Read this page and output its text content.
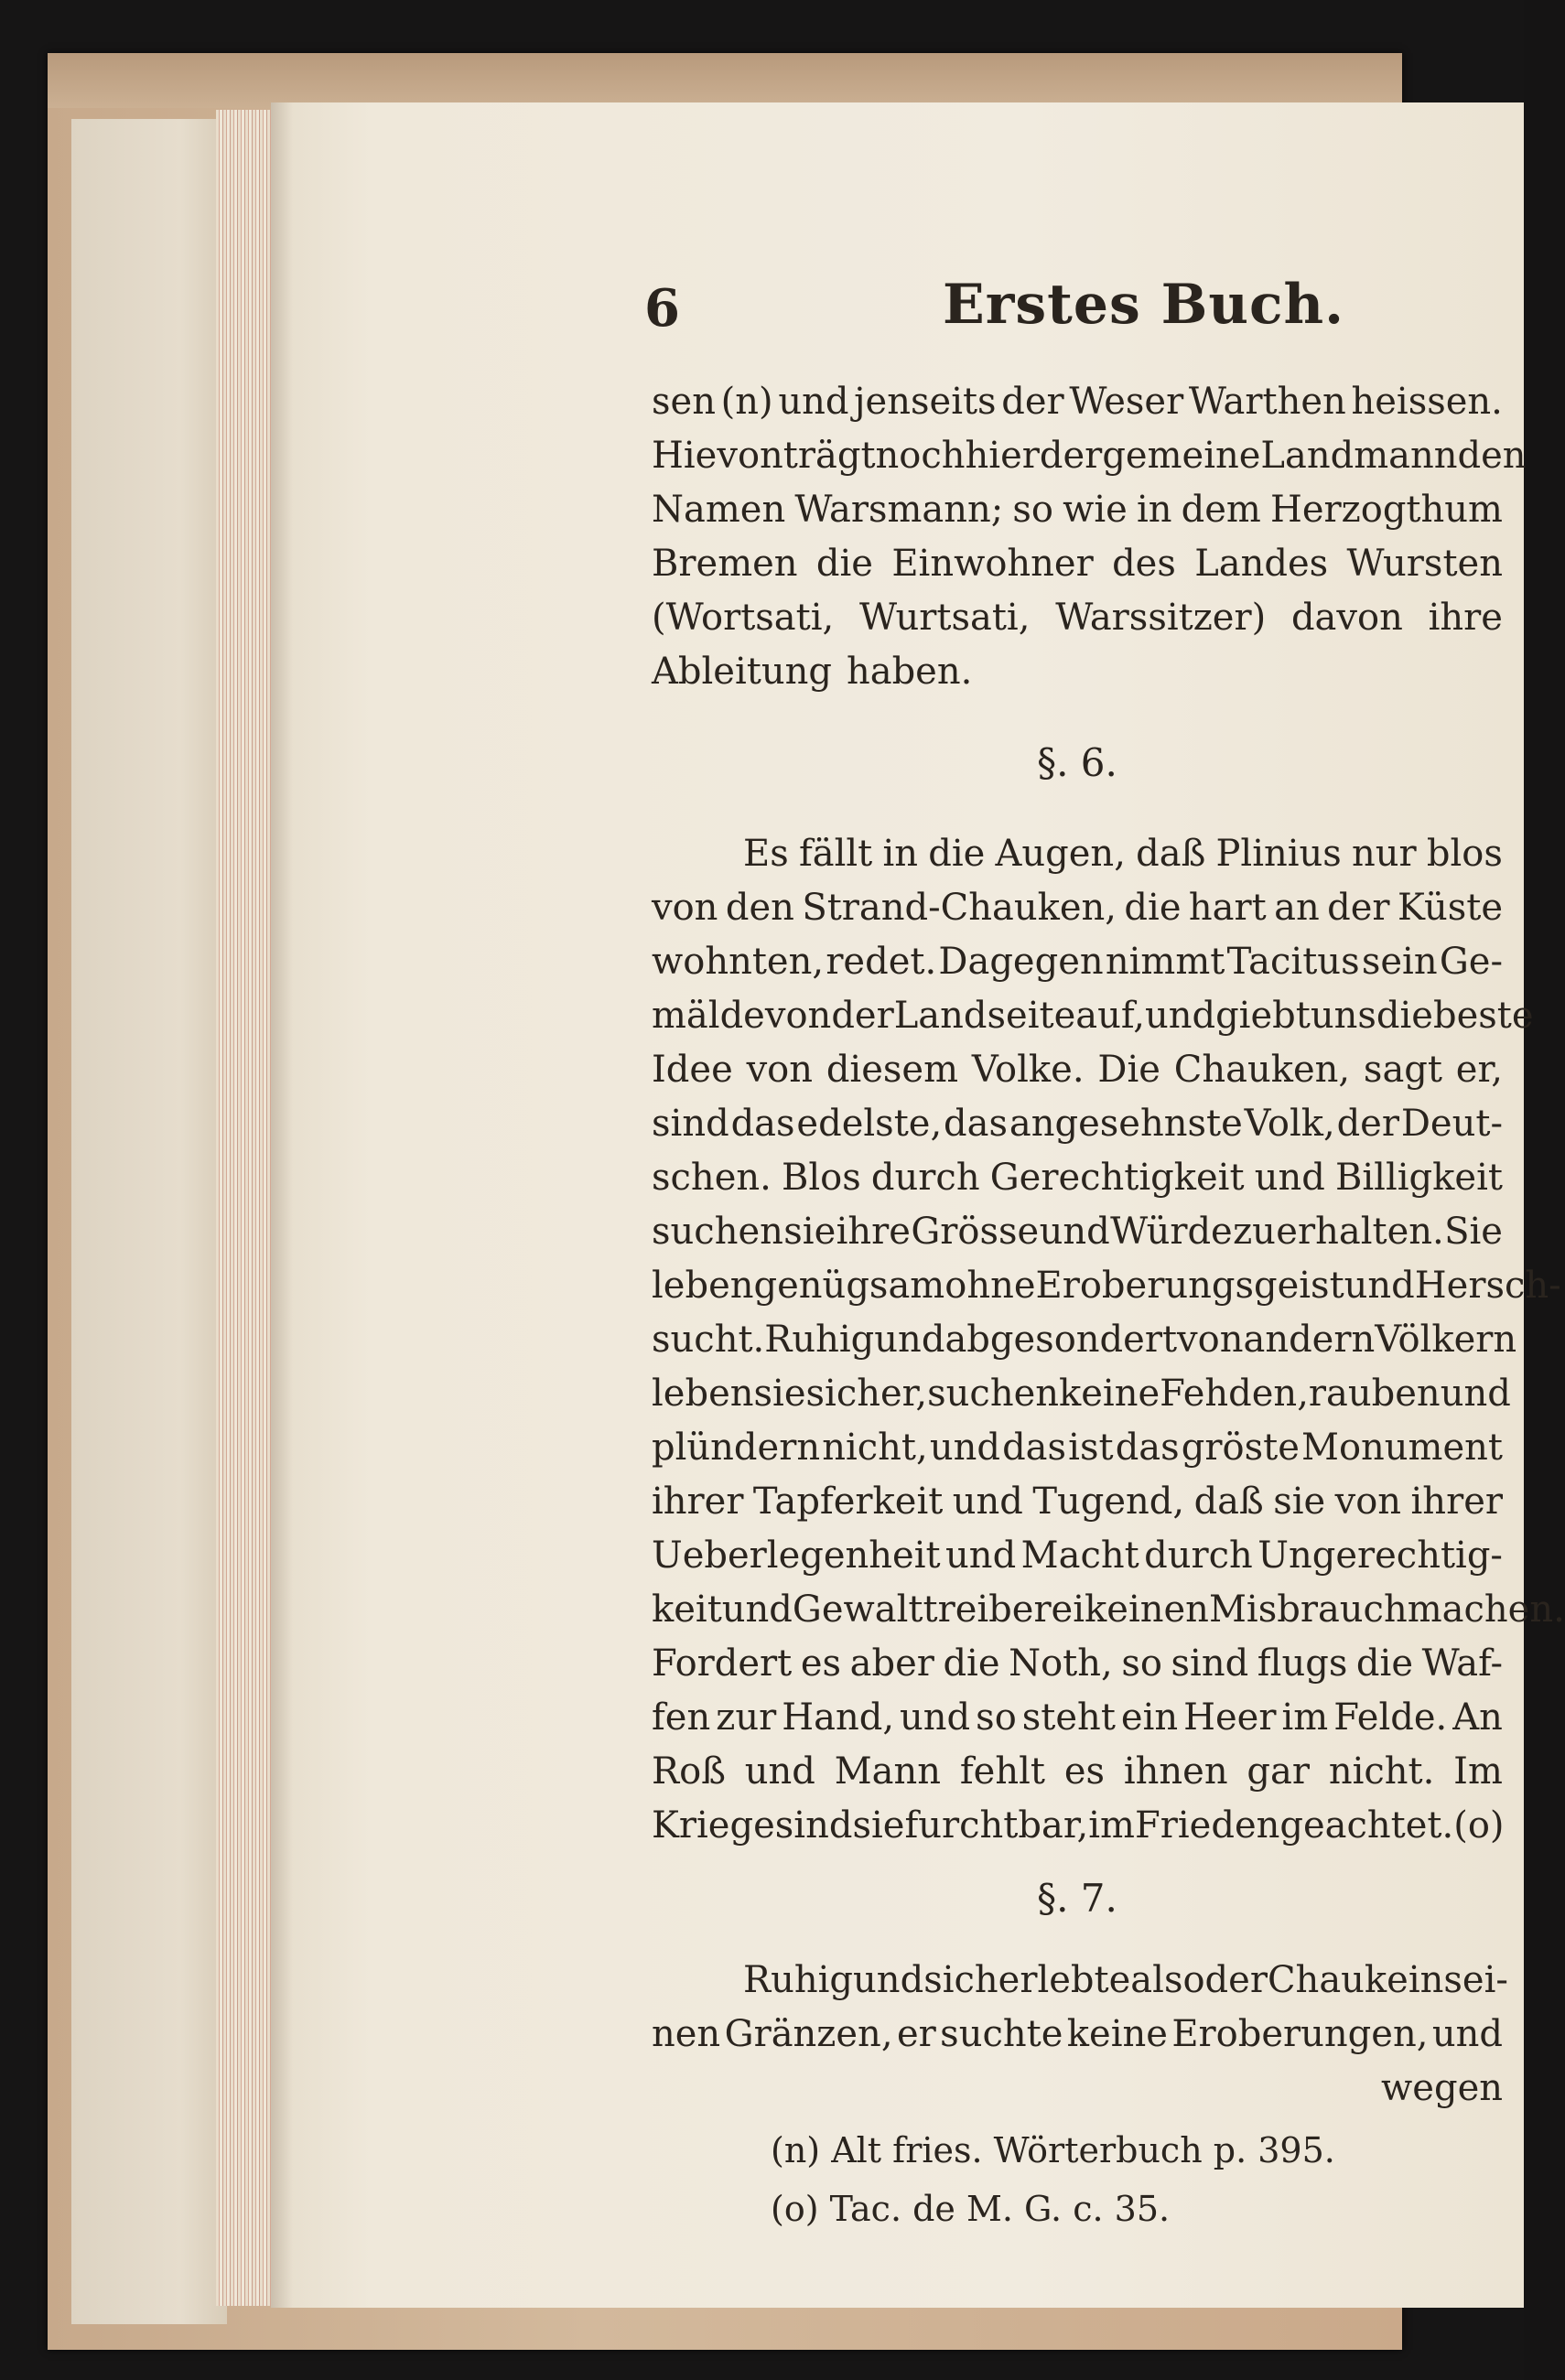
6	Erstes Buch.
sen (n) und jenseits der Weser Warthen heissen.
Hievon trägt noch hier der gemeine Landmann den
Namen Warsmann; so wie in dem Herzogthum
Bremen die Einwohner des Landes Wursten
(Wortsati, Wurtsati, Warssitzer) davon ihre
Ableitung haben.
§. 6.
Es fällt in die Augen, daß Plinius nur blos
von den Strand-Chauken, die hart an der Küste
wohnten, redet. Dagegen nimmt Tacitus sein Ge-
mälde von der Landseite auf, und giebt uns die beste
Idee von diesem Volke. Die Chauken, sagt er,
sind das edelste, das angesehnste Volk, der Deut-
schen. Blos durch Gerechtigkeit und Billigkeit
suchen sie ihre Grösse und Würde zu erhalten. Sie
leben genügsam ohne Eroberungsgeist und Hersch-
sucht. Ruhig und abgesondert von andern Völkern
leben sie sicher, suchen keine Fehden, rauben und
plündern nicht, und das ist das gröste Monument
ihrer Tapferkeit und Tugend, daß sie von ihrer
Ueberlegenheit und Macht durch Ungerechtig-
keit und Gewalttreiberei keinen Misbrauch machen.
Fordert es aber die Noth, so sind flugs die Waf-
fen zur Hand, und so steht ein Heer im Felde. An
Roß und Mann fehlt es ihnen gar nicht. Im
Kriege sind sie furchtbar, im Frieden geachtet. (o)
§. 7.
Ruhig und sicher lebte also der Chauke in sei-
nen Gränzen, er suchte keine Eroberungen, und
wegen
(n) Alt fries. Wörterbuch p. 395.
(o) Tac. de M. G. c. 35.
